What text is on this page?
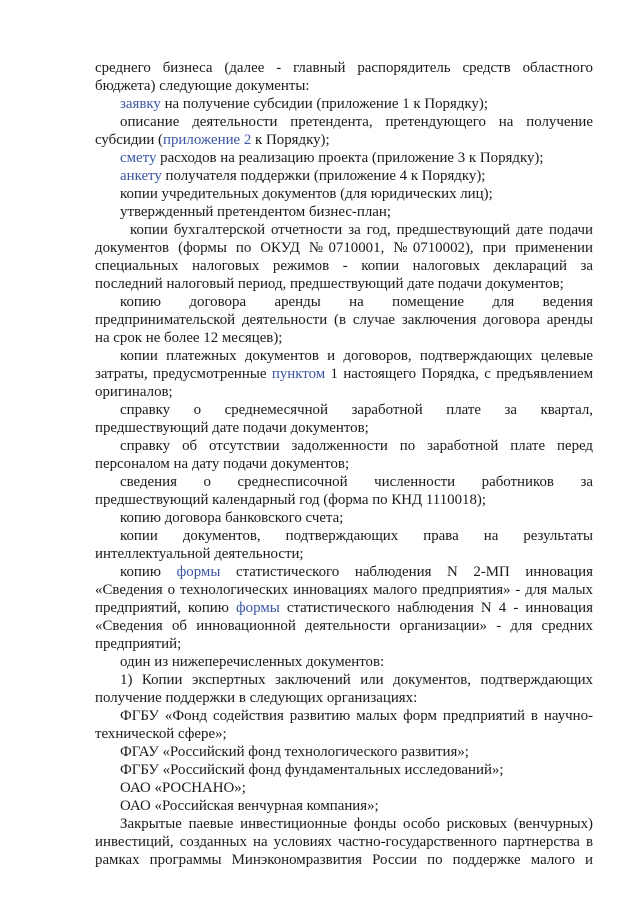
среднего бизнеса (далее - главный распорядитель средств областного
бюджета) следующие документы:
заявку на получение субсидии (приложение 1 к Порядку);
описание деятельности претендента, претендующего на получение
субсидии (приложение 2 к Порядку);
смету расходов на реализацию проекта (приложение 3 к Порядку);
анкету получателя поддержки (приложение 4 к Порядку);
копии учредительных документов (для юридических лиц);
утвержденный претендентом бизнес-план;
копии бухгалтерской отчетности за год, предшествующий дате подачи
документов (формы по ОКУД №0710001, №0710002), при применении
специальных налоговых режимов - копии налоговых деклараций за
последний налоговый период, предшествующий дате подачи документов;
копию договора аренды на помещение для ведения
предпринимательской деятельности (в случае заключения договора аренды
на срок не более 12 месяцев);
копии платежных документов и договоров, подтверждающих целевые
затраты, предусмотренные пунктом 1 настоящего Порядка, с предъявлением
оригиналов;
справку о среднемесячной заработной плате за квартал,
предшествующий дате подачи документов;
справку об отсутствии задолженности по заработной плате перед
персоналом на дату подачи документов;
сведения о среднесписочной численности работников за
предшествующий календарный год (форма по КНД 1110018);
копию договора банковского счета;
копии документов, подтверждающих права на результаты
интеллектуальной деятельности;
копию формы статистического наблюдения N 2-МП инновация
«Сведения о технологических инновациях малого предприятия» - для малых
предприятий, копию формы статистического наблюдения N 4 - инновация
«Сведения об инновационной деятельности организации» - для средних
предприятий;
один из нижеперечисленных документов:
1) Копии экспертных заключений или документов, подтверждающих
получение поддержки в следующих организациях:
ФГБУ «Фонд содействия развитию малых форм предприятий в научно-
технической сфере»;
ФГАУ «Российский фонд технологического развития»;
ФГБУ «Российский фонд фундаментальных исследований»;
ОАО «РОСНАНО»;
ОАО «Российская венчурная компания»;
Закрытые паевые инвестиционные фонды особо рисковых (венчурных)
инвестиций, созданных на условиях частно-государственного партнерства в
рамках программы Минэкономразвития России по поддержке малого и
